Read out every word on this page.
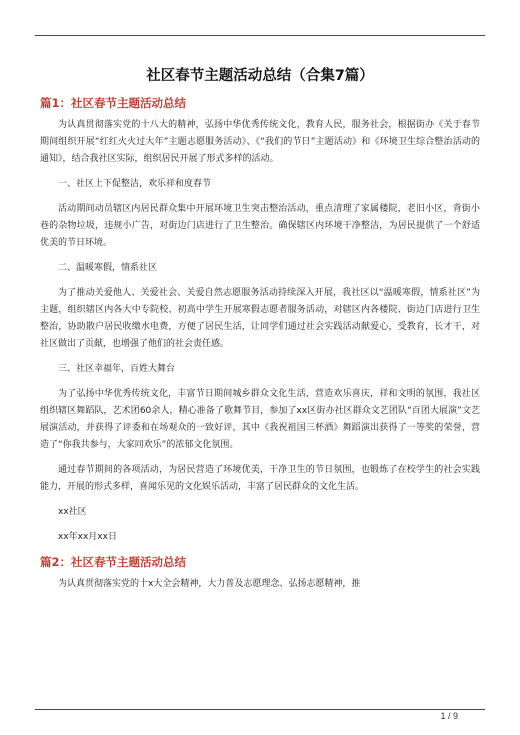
社区春节主题活动总结（合集7篇）
篇1：社区春节主题活动总结

为认真贯彻落实党的十八大的精神，弘扬中华优秀传统文化，教育人民，服务社会，根据街办《关于春节期间组织开展“红红火火过大年”主题志愿服务活动》、《“我们的节日”主题活动》和《环境卫生综合整治活动的通知》，结合我社区实际，组织居民开展了形式多样的活动。

一、社区上下促整洁，欢乐祥和度春节

活动期间动员辖区内居民群众集中开展环境卫生突击整治活动，重点清理了家属楼院，老旧小区，背街小巷的杂物垃圾，违规小广告，对街边门店进行了卫生整治。确保辖区内环境干净整洁，为居民提供了一个舒适优美的节日环境。

二、温暖寒假，情系社区

为了推动关爱他人、关爱社会、关爱自然志愿服务活动持续深入开展，我社区以“温暖寒假，情系社区”为主题，组织辖区内各大中专院校、初高中学生开展寒假志愿者服务活动，对辖区内各楼院、街边门店进行卫生整治，协助散户居民收缴水电费，方便了居民生活，让同学们通过社会实践活动献爱心，受教育，长才干，对社区做出了贡献，也增强了他们的社会责任感。

三、社区幸福年，百姓大舞台

为了弘扬中华优秀传统文化，丰富节日期间城乡群众文化生活，营造欢乐喜庆，祥和文明的氛围，我社区组织辖区舞蹈队，艺术团60余人，精心准备了歌舞节目，参加了xx区街办社区群众文艺团队“百团大展演”文艺展演活动，并获得了评委和在场观众的一致好评，其中《我祝祖国三杯酒》舞蹈演出获得了一等奖的荣誉，营造了“你我共参与，大家同欢乐”的浓郁文化氛围。

通过春节期间的各项活动，为居民营造了环境优美，干净卫生的节日氛围，也锻炼了在校学生的社会实践能力，开展的形式多样，喜闻乐见的文化娱乐活动，丰富了居民群众的文化生活。

xx社区

xx年xx月xx日

篇2：社区春节主题活动总结

为认真贯彻落实党的十x大全会精神，大力普及志愿理念、弘扬志愿精神，推

1 / 9
